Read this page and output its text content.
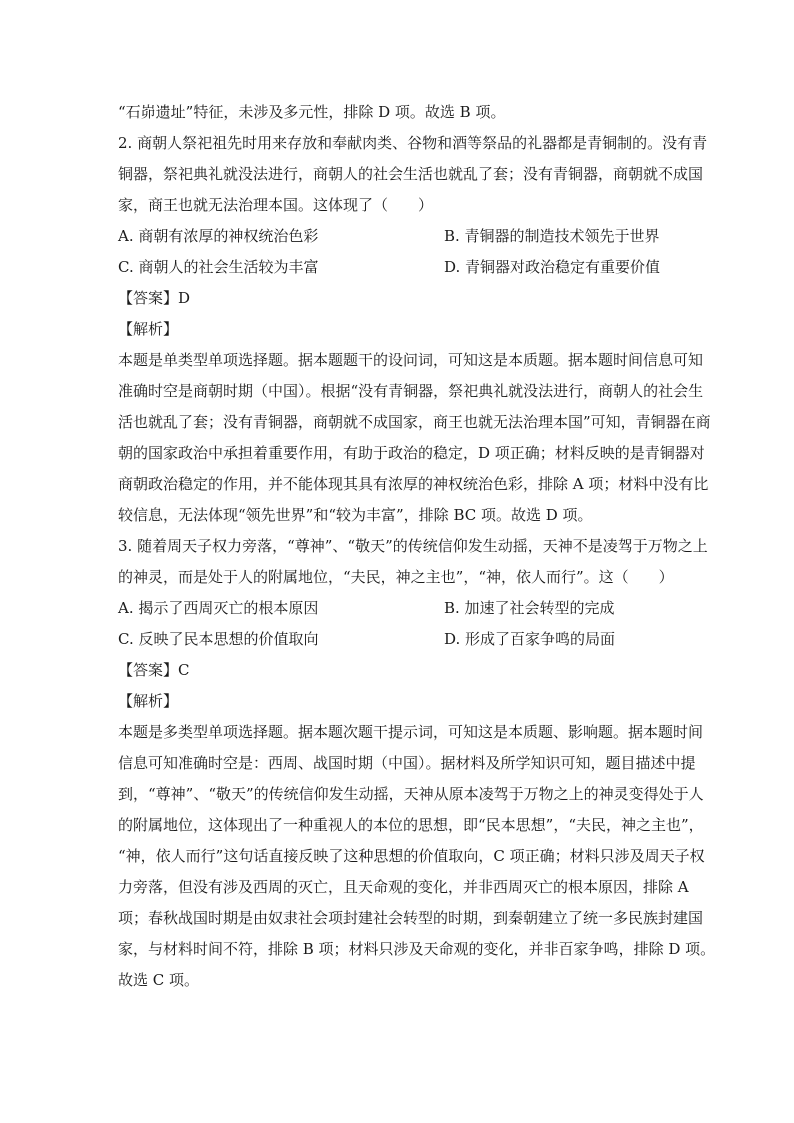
“石峁遗址”特征，未涉及多元性，排除 D 项。故选 B 项。
2. 商朝人祭祀祖先时用来存放和奉献肉类、谷物和酒等祭品的礼器都是青铜制的。没有青
铜器，祭祀典礼就没法进行，商朝人的社会生活也就乱了套；没有青铜器，商朝就不成国
家，商王也就无法治理本国。这体现了（　　）
A. 商朝有浓厚的神权统治色彩	B. 青铜器的制造技术领先于世界
C. 商朝人的社会生活较为丰富	D. 青铜器对政治稳定有重要价值
【答案】D
【解析】
本题是单类型单项选择题。据本题题干的设问词，可知这是本质题。据本题时间信息可知
准确时空是商朝时期（中国）。根据“没有青铜器，祭祀典礼就没法进行，商朝人的社会生
活也就乱了套；没有青铜器，商朝就不成国家，商王也就无法治理本国”可知，青铜器在商
朝的国家政治中承担着重要作用，有助于政治的稳定，D 项正确；材料反映的是青铜器对
商朝政治稳定的作用，并不能体现其具有浓厚的神权统治色彩，排除 A 项；材料中没有比
较信息，无法体现“领先世界”和“较为丰富”，排除 BC 项。故选 D 项。
3. 随着周天子权力旁落，“尊神”、“敬天”的传统信仰发生动摇，天神不是凌驾于万物之上
的神灵，而是处于人的附属地位，“夫民，神之主也”，“神，依人而行”。这（　　）
A. 揭示了西周灭亡的根本原因	B. 加速了社会转型的完成
C. 反映了民本思想的价值取向	D. 形成了百家争鸣的局面
【答案】C
【解析】
本题是多类型单项选择题。据本题次题干提示词，可知这是本质题、影响题。据本题时间
信息可知准确时空是：西周、战国时期（中国）。据材料及所学知识可知，题目描述中提
到，“尊神”、“敬天”的传统信仰发生动摇，天神从原本凌驾于万物之上的神灵变得处于人
的附属地位，这体现出了一种重视人的本位的思想，即“民本思想”，“夫民，神之主也”，
“神，依人而行”这句话直接反映了这种思想的价值取向，C 项正确；材料只涉及周天子权
力旁落，但没有涉及西周的灭亡，且天命观的变化，并非西周灭亡的根本原因，排除 A
项；春秋战国时期是由奴隶社会项封建社会转型的时期，到秦朝建立了统一多民族封建国
家，与材料时间不符，排除 B 项；材料只涉及天命观的变化，并非百家争鸣，排除 D 项。
故选 C 项。
